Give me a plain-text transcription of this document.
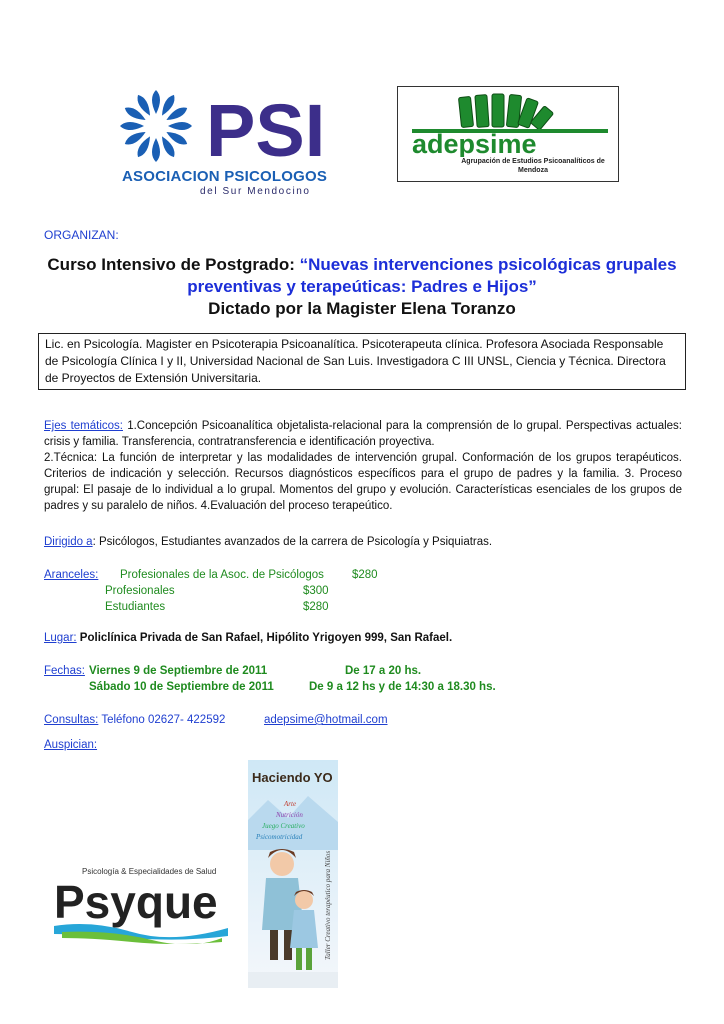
PSI
ASOCIACION PSICOLOGOS
del Sur Mendocino
adepsime
Agrupación de Estudios Psicoanalíticos de Mendoza
ORGANIZAN:
Curso Intensivo de Postgrado: “Nuevas intervenciones psicológicas grupales preventivas y terapeúticas: Padres e Hijos”
Dictado por la Magister Elena Toranzo
Lic. en Psicología. Magister en Psicoterapia Psicoanalítica. Psicoterapeuta clínica. Profesora Asociada Responsable de Psicología Clínica I y II, Universidad Nacional de San Luis. Investigadora C III UNSL, Ciencia y Técnica. Directora de Proyectos de Extensión Universitaria.
Ejes temáticos: 1.Concepción Psicoanalítica objetalista-relacional para la comprensión de lo grupal. Perspectivas actuales: crisis y familia. Transferencia, contratransferencia e identificación proyectiva.
2.Técnica: La función de interpretar y las modalidades de intervención grupal. Conformación de los grupos terapéuticos. Criterios de indicación y selección. Recursos diagnósticos específicos para el grupo de padres y la familia. 3. Proceso grupal: El pasaje de lo individual a lo grupal. Momentos del grupo y evolución. Características esenciales de los grupos de padres y su paralelo de niños. 4.Evaluación del proceso terapeútico.
Dirigido a: Psicólogos, Estudiantes avanzados de la carrera de Psicología y Psiquiatras.
Aranceles: Profesionales de la Asoc. de Psicólogos $280
Profesionales	$300
Estudiantes	$280
Lugar: Policlínica Privada de San Rafael, Hipólito Yrigoyen 999, San Rafael.
Fechas: Viernes 9 de Septiembre de 2011	De 17 a 20 hs.
Sábado 10 de Septiembre de 2011	De 9 a 12 hs y de 14:30 a 18.30 hs.
Consultas: Teléfono 02627- 422592	adepsime@hotmail.com
Auspician:
Psicología & Especialidades de Salud
Psyque
Haciendo YO
Arte
Nutrición
Juego Creativo
Psicomotricidad
Taller Creativo terapéutico para Niños
